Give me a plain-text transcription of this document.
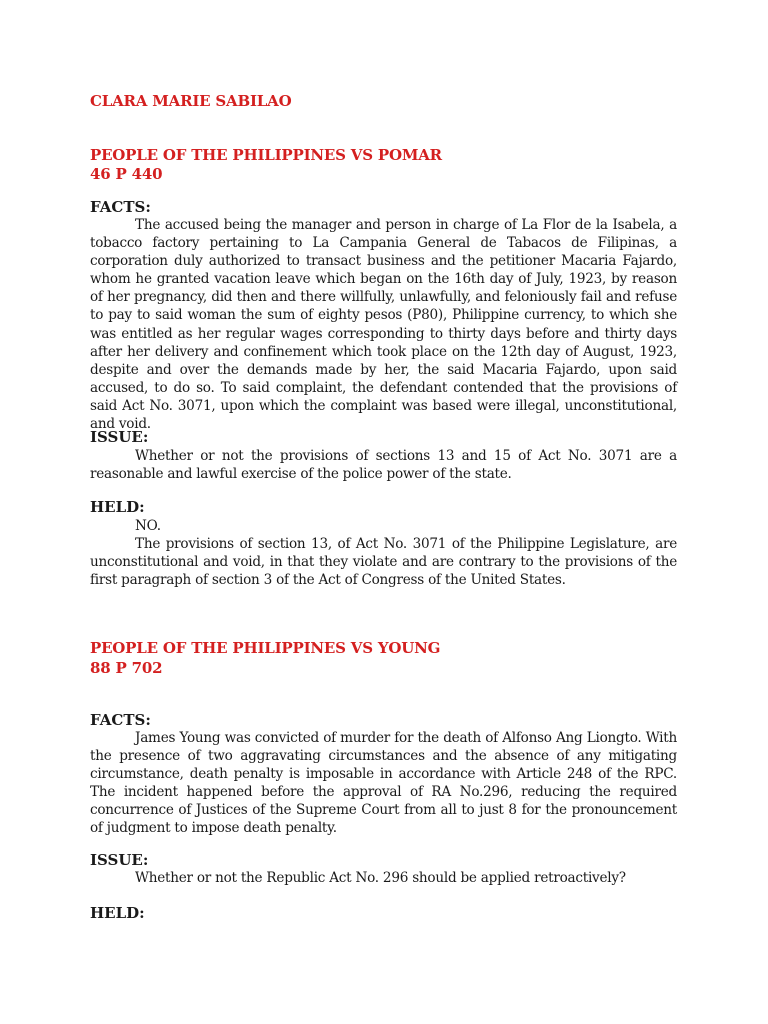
CLARA MARIE SABILAO

PEOPLE OF THE PHILIPPINES VS POMAR

46 P 440

FACTS:

The accused being the manager and person in charge of La Flor de la Isabela, a tobacco factory pertaining to La Campania General de Tabacos de Filipinas, a corporation duly authorized to transact business and the petitioner Macaria Fajardo, whom he granted vacation leave which began on the 16th day of July, 1923, by reason of her pregnancy, did then and there willfully, unlawfully, and feloniously fail and refuse to pay to said woman the sum of eighty pesos (P80), Philippine currency, to which she was entitled as her regular wages corresponding to thirty days before and thirty days after her delivery and confinement which took place on the 12th day of August, 1923, despite and over the demands made by her, the said Macaria Fajardo, upon said accused, to do so. To said complaint, the defendant contended that the provisions of said Act No. 3071, upon which the complaint was based were illegal, unconstitutional, and void.

ISSUE:

Whether or not the provisions of sections 13 and 15 of Act No. 3071 are a reasonable and lawful exercise of the police power of the state.

HELD:

NO.

The provisions of section 13, of Act No. 3071 of the Philippine Legislature, are unconstitutional and void, in that they violate and are contrary to the provisions of the first paragraph of section 3 of the Act of Congress of the United States.

PEOPLE OF THE PHILIPPINES VS YOUNG

88 P 702

FACTS:

James Young was convicted of murder for the death of Alfonso Ang Liongto. With the presence of two aggravating circumstances and the absence of any mitigating circumstance, death penalty is imposable in accordance with Article 248 of the RPC. The incident happened before the approval of RA No.296, reducing the required concurrence of Justices of the Supreme Court from all to just 8 for the pronouncement of judgment to impose death penalty.

ISSUE:

Whether or not the Republic Act No. 296 should be applied retroactively?

HELD:
